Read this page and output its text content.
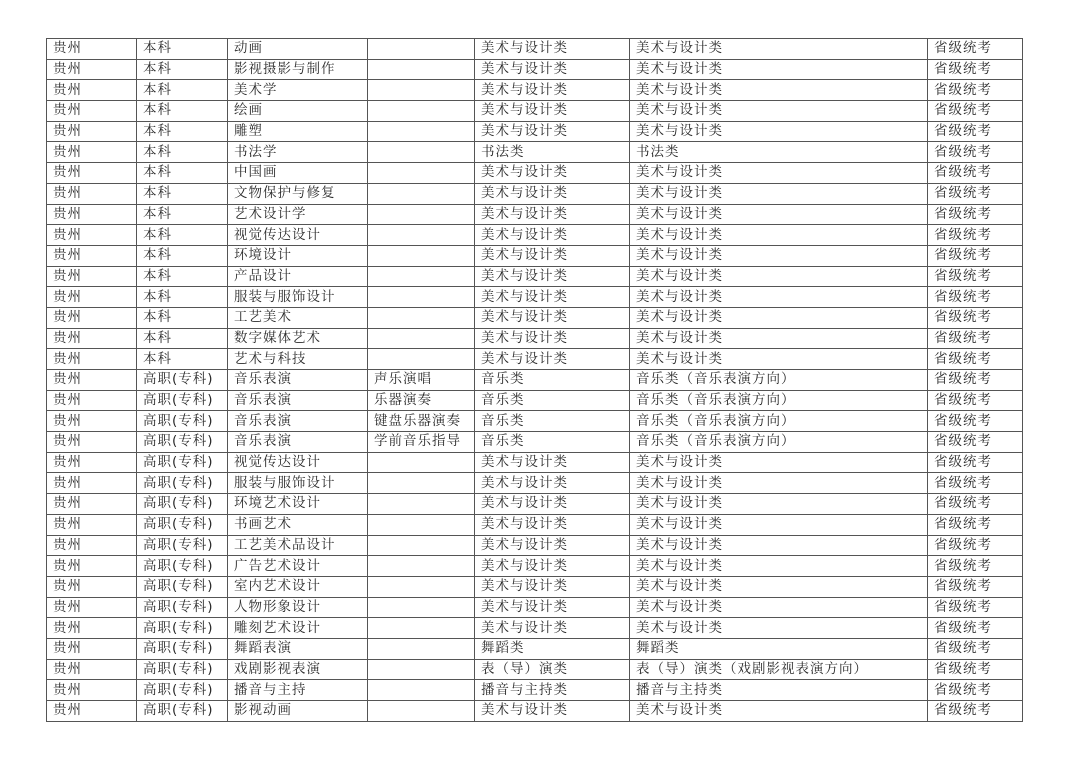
贵州	本科	动画		美术与设计类	美术与设计类	省级统考
贵州	本科	影视摄影与制作		美术与设计类	美术与设计类	省级统考
贵州	本科	美术学		美术与设计类	美术与设计类	省级统考
贵州	本科	绘画		美术与设计类	美术与设计类	省级统考
贵州	本科	雕塑		美术与设计类	美术与设计类	省级统考
贵州	本科	书法学		书法类	书法类	省级统考
贵州	本科	中国画		美术与设计类	美术与设计类	省级统考
贵州	本科	文物保护与修复		美术与设计类	美术与设计类	省级统考
贵州	本科	艺术设计学		美术与设计类	美术与设计类	省级统考
贵州	本科	视觉传达设计		美术与设计类	美术与设计类	省级统考
贵州	本科	环境设计		美术与设计类	美术与设计类	省级统考
贵州	本科	产品设计		美术与设计类	美术与设计类	省级统考
贵州	本科	服装与服饰设计		美术与设计类	美术与设计类	省级统考
贵州	本科	工艺美术		美术与设计类	美术与设计类	省级统考
贵州	本科	数字媒体艺术		美术与设计类	美术与设计类	省级统考
贵州	本科	艺术与科技		美术与设计类	美术与设计类	省级统考
贵州	高职(专科)	音乐表演	声乐演唱	音乐类	音乐类（音乐表演方向）	省级统考
贵州	高职(专科)	音乐表演	乐器演奏	音乐类	音乐类（音乐表演方向）	省级统考
贵州	高职(专科)	音乐表演	键盘乐器演奏	音乐类	音乐类（音乐表演方向）	省级统考
贵州	高职(专科)	音乐表演	学前音乐指导	音乐类	音乐类（音乐表演方向）	省级统考
贵州	高职(专科)	视觉传达设计		美术与设计类	美术与设计类	省级统考
贵州	高职(专科)	服装与服饰设计		美术与设计类	美术与设计类	省级统考
贵州	高职(专科)	环境艺术设计		美术与设计类	美术与设计类	省级统考
贵州	高职(专科)	书画艺术		美术与设计类	美术与设计类	省级统考
贵州	高职(专科)	工艺美术品设计		美术与设计类	美术与设计类	省级统考
贵州	高职(专科)	广告艺术设计		美术与设计类	美术与设计类	省级统考
贵州	高职(专科)	室内艺术设计		美术与设计类	美术与设计类	省级统考
贵州	高职(专科)	人物形象设计		美术与设计类	美术与设计类	省级统考
贵州	高职(专科)	雕刻艺术设计		美术与设计类	美术与设计类	省级统考
贵州	高职(专科)	舞蹈表演		舞蹈类	舞蹈类	省级统考
贵州	高职(专科)	戏剧影视表演		表（导）演类	表（导）演类（戏剧影视表演方向）	省级统考
贵州	高职(专科)	播音与主持		播音与主持类	播音与主持类	省级统考
贵州	高职(专科)	影视动画		美术与设计类	美术与设计类	省级统考
